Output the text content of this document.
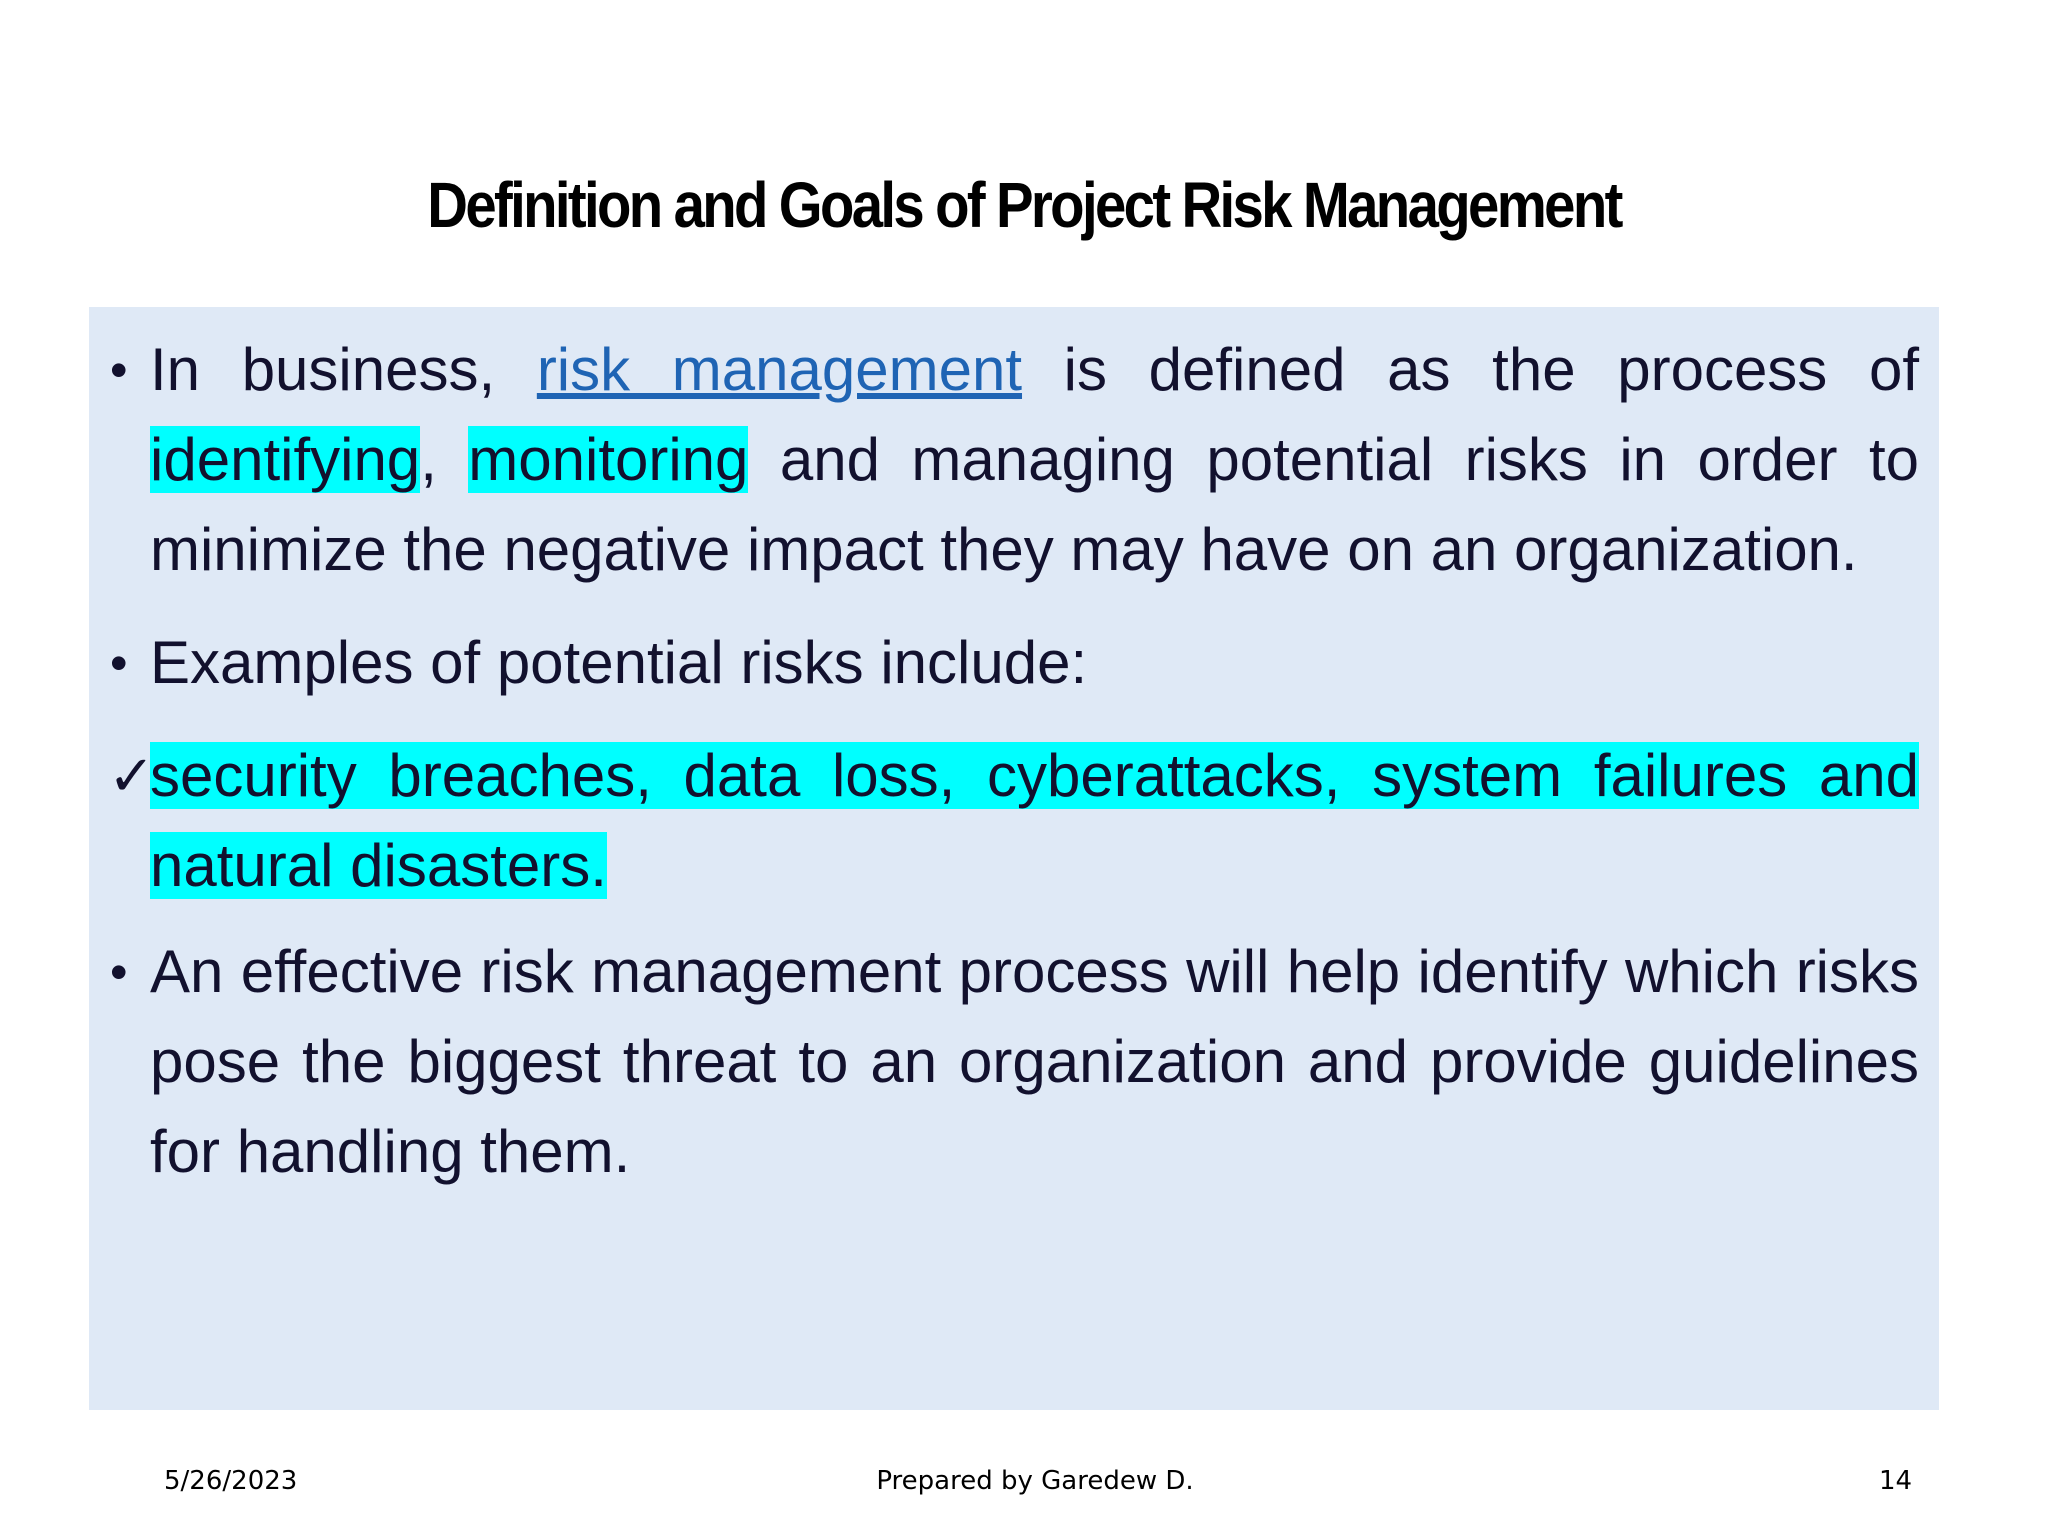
Definition and Goals of Project Risk Management
• In business, risk management is defined as the process of identifying, monitoring and managing potential risks in order to minimize the negative impact they may have on an organization.
• Examples of potential risks include:
✓
security breaches, data loss, cyberattacks, system failures and natural disasters.
• An effective risk management process will help identify which risks pose the biggest threat to an organization and provide guidelines for handling them.
5/26/2023	Prepared by Garedew D.	14
